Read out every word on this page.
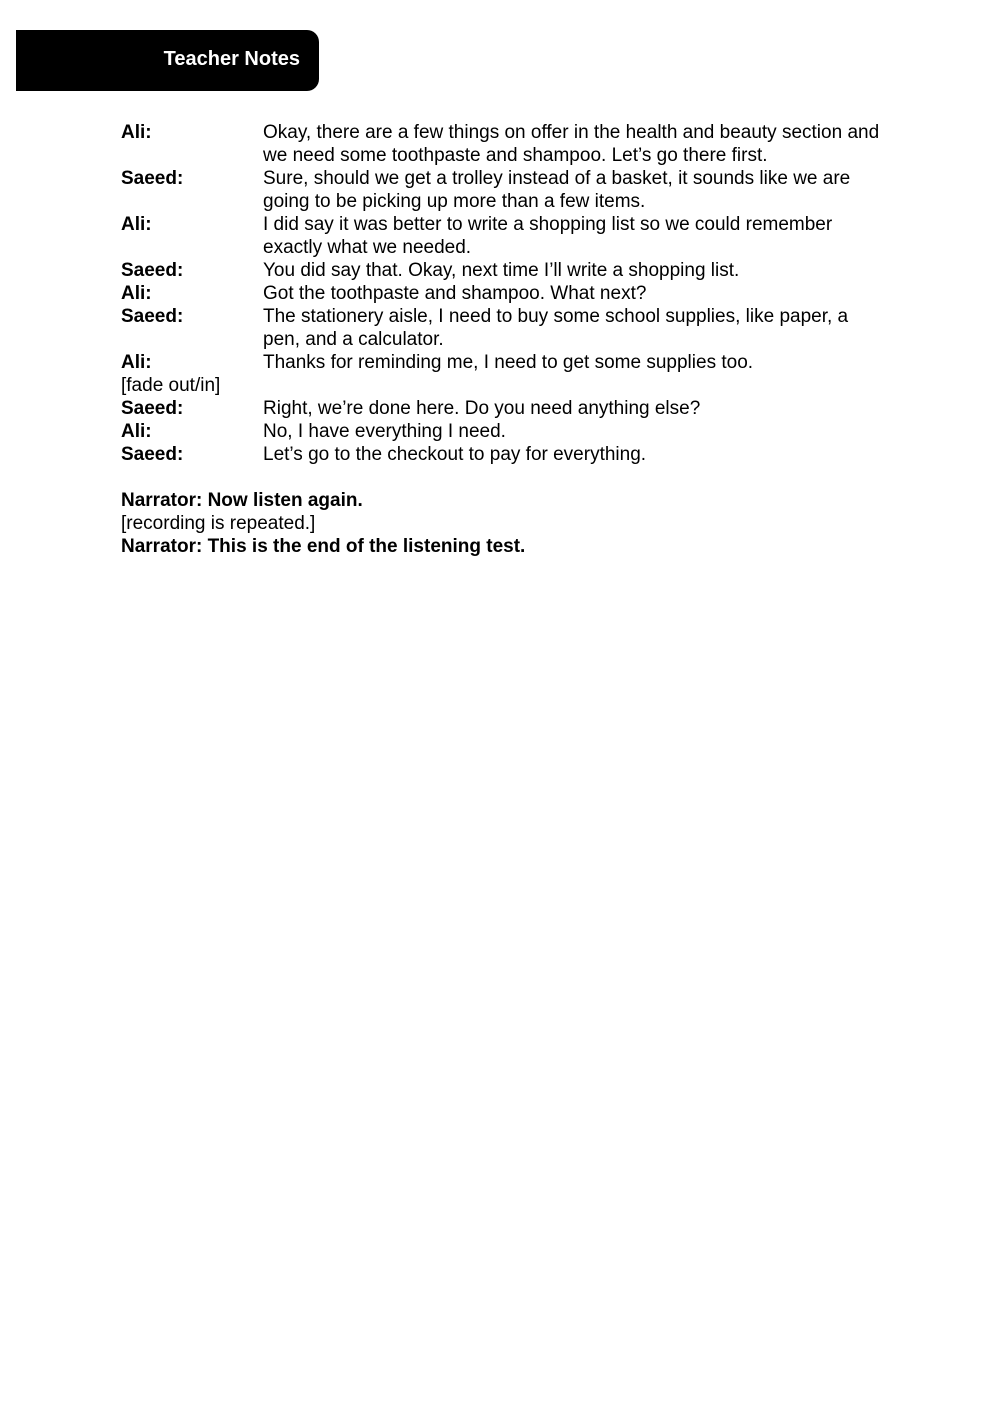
Teacher Notes
Ali:	Okay, there are a few things on offer in the health and beauty section and we need some toothpaste and shampoo. Let’s go there first.
Saeed:	Sure, should we get a trolley instead of a basket, it sounds like we are going to be picking up more than a few items.
Ali:	I did say it was better to write a shopping list so we could remember exactly what we needed.
Saeed:	You did say that. Okay, next time I’ll write a shopping list.
Ali:	Got the toothpaste and shampoo. What next?
Saeed:	The stationery aisle, I need to buy some school supplies, like paper, a pen, and a calculator.
Ali:	Thanks for reminding me, I need to get some supplies too.
[fade out/in]
Saeed:	Right, we’re done here. Do you need anything else?
Ali:	No, I have everything I need.
Saeed:	Let’s go to the checkout to pay for everything.
Narrator: Now listen again.
[recording is repeated.]
Narrator: This is the end of the listening test.
